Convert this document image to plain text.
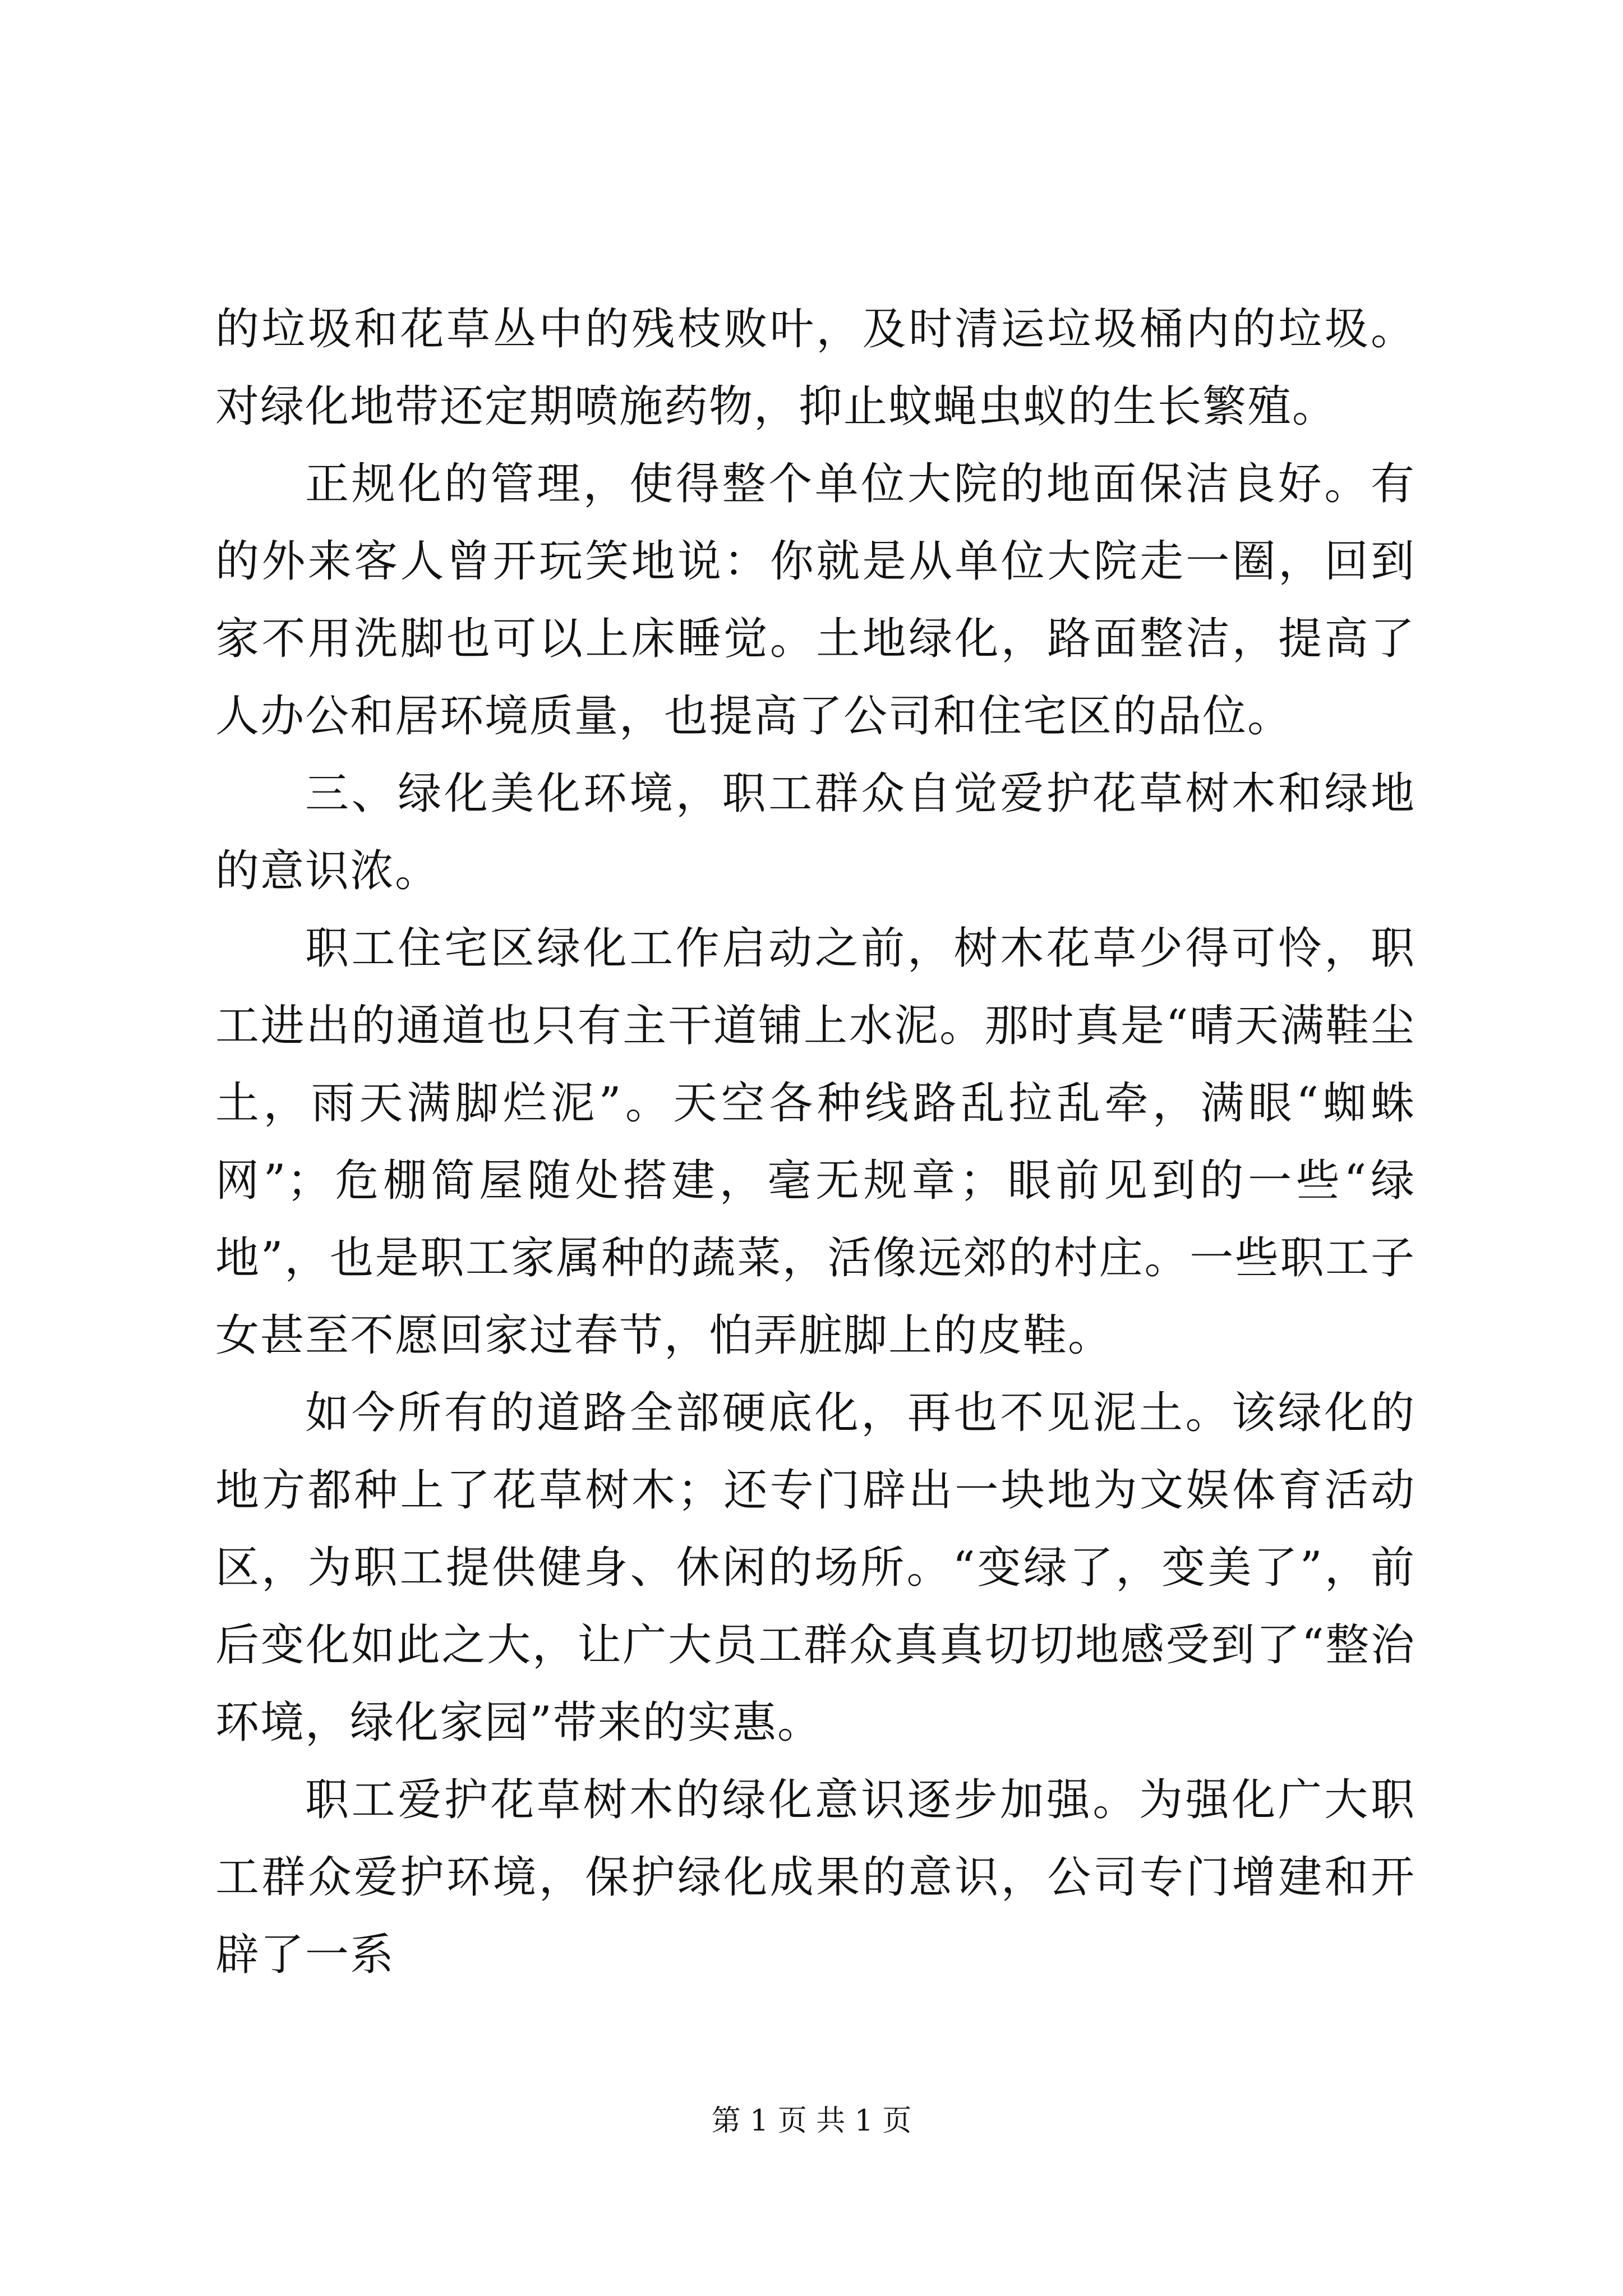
的垃圾和花草丛中的残枝败叶，及时清运垃圾桶内的垃圾。对绿化地带还定期喷施药物，抑止蚊蝇虫蚁的生长繁殖。

正规化的管理，使得整个单位大院的地面保洁良好。有的外来客人曾开玩笑地说：你就是从单位大院走一圈，回到家不用洗脚也可以上床睡觉。土地绿化，路面整洁，提高了人办公和居环境质量，也提高了公司和住宅区的品位。

三、绿化美化环境，职工群众自觉爱护花草树木和绿地的意识浓。

职工住宅区绿化工作启动之前，树木花草少得可怜，职工进出的通道也只有主干道铺上水泥。那时真是“晴天满鞋尘土，雨天满脚烂泥”。天空各种线路乱拉乱牵，满眼“蜘蛛网”；危棚简屋随处搭建，毫无规章；眼前见到的一些“绿地”，也是职工家属种的蔬菜，活像远郊的村庄。一些职工子女甚至不愿回家过春节，怕弄脏脚上的皮鞋。

如今所有的道路全部硬底化，再也不见泥土。该绿化的地方都种上了花草树木；还专门辟出一块地为文娱体育活动区，为职工提供健身、休闲的场所。“变绿了，变美了”，前后变化如此之大，让广大员工群众真真切切地感受到了“整治环境，绿化家园”带来的实惠。

职工爱护花草树木的绿化意识逐步加强。为强化广大职工群众爱护环境，保护绿化成果的意识，公司专门增建和开辟了一系

第 1 页 共 1 页
